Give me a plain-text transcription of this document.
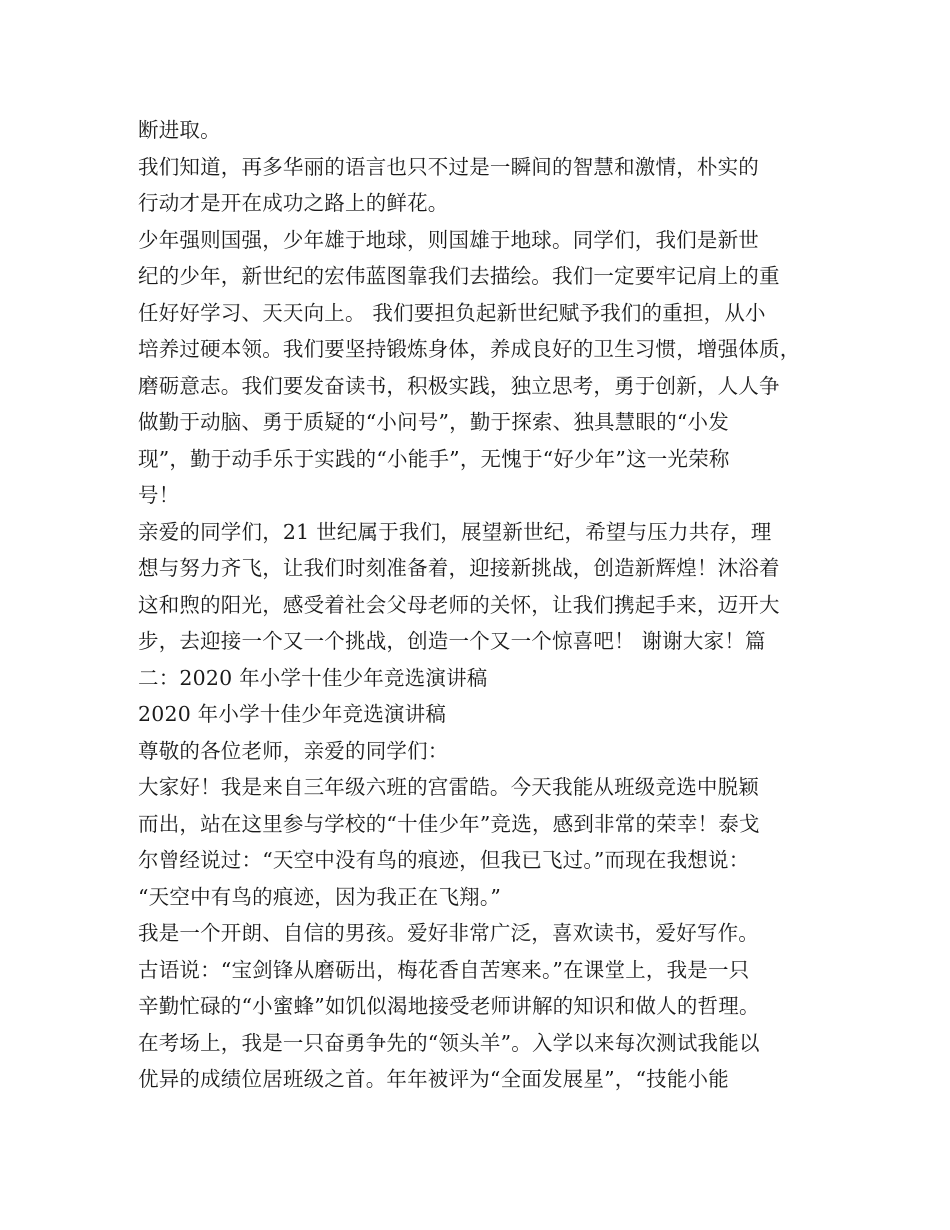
断进取。
我们知道，再多华丽的语言也只不过是一瞬间的智慧和激情，朴实的
行动才是开在成功之路上的鲜花。
少年强则国强，少年雄于地球，则国雄于地球。同学们，我们是新世
纪的少年，新世纪的宏伟蓝图靠我们去描绘。我们一定要牢记肩上的重
任好好学习、天天向上。 我们要担负起新世纪赋予我们的重担，从小
培养过硬本领。我们要坚持锻炼身体，养成良好的卫生习惯，增强体质，
磨砺意志。我们要发奋读书，积极实践，独立思考，勇于创新，人人争
做勤于动脑、勇于质疑的“小问号”，勤于探索、独具慧眼的“小发
现”，勤于动手乐于实践的“小能手”，无愧于“好少年”这一光荣称
号！
亲爱的同学们，21 世纪属于我们，展望新世纪，希望与压力共存，理
想与努力齐飞，让我们时刻准备着，迎接新挑战，创造新辉煌！沐浴着
这和煦的阳光，感受着社会父母老师的关怀，让我们携起手来，迈开大
步，去迎接一个又一个挑战，创造一个又一个惊喜吧！ 谢谢大家！篇
二：2020 年小学十佳少年竞选演讲稿
2020 年小学十佳少年竞选演讲稿
尊敬的各位老师，亲爱的同学们：
大家好！我是来自三年级六班的宫雷皓。今天我能从班级竞选中脱颖
而出，站在这里参与学校的“十佳少年”竞选，感到非常的荣幸！泰戈
尔曾经说过：“天空中没有鸟的痕迹，但我已飞过。”而现在我想说：
“天空中有鸟的痕迹，因为我正在飞翔。”
我是一个开朗、自信的男孩。爱好非常广泛，喜欢读书，爱好写作。
古语说：“宝剑锋从磨砺出，梅花香自苦寒来。”在课堂上，我是一只
辛勤忙碌的“小蜜蜂”如饥似渴地接受老师讲解的知识和做人的哲理。
在考场上，我是一只奋勇争先的“领头羊”。入学以来每次测试我能以
优异的成绩位居班级之首。年年被评为“全面发展星”，“技能小能
